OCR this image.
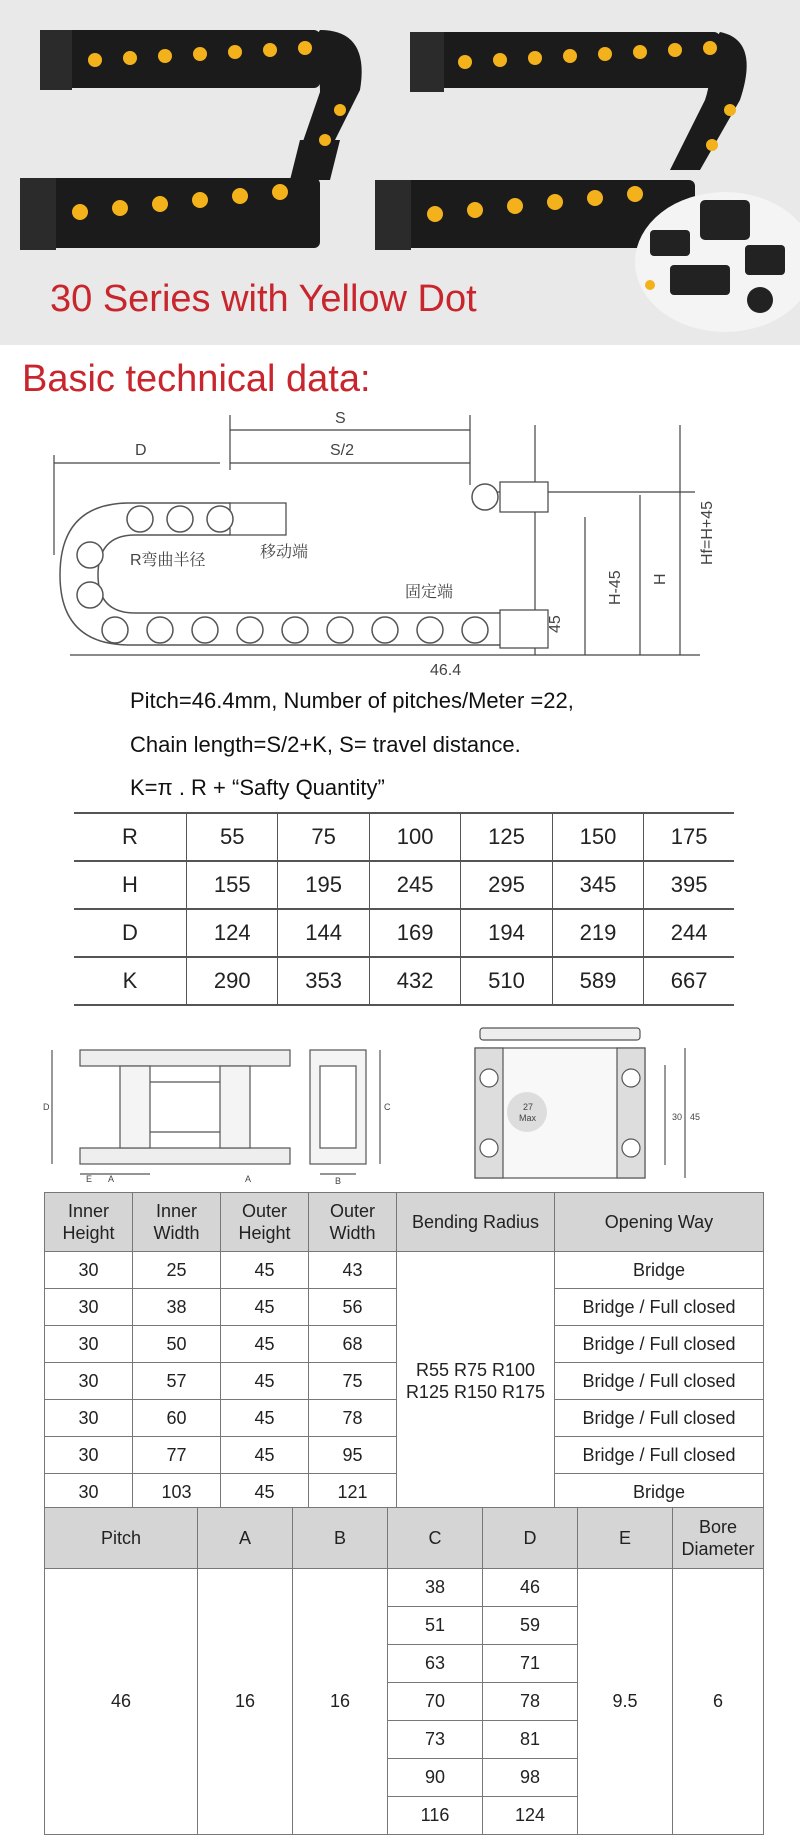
30 Series with Yellow Dot
Basic technical data:
S
S/2
D
移动端
R弯曲半径
固定端
46.4
45
H-45 H
Hf=H+45
Pitch=46.4mm, Number of pitches/Meter =22,
Chain length=S/2+K, S= travel distance.
K=π . R + “Safty Quantity”
R	55	75	100	125	150	175
H	155	195	245	295	345	395
D	124	144	169	194	219	244
K	290	353	432	510	589	667
27
Max
D	C
E A	A	B
30 45
Inner Height	Inner Width	Outer Height	Outer Width	Bending Radius	Opening Way
30	25	45	43	R55 R75 R100 R125 R150 R175	Bridge
30	38	45	56		Bridge / Full closed
30	50	45	68		Bridge / Full closed
30	57	45	75		Bridge / Full closed
30	60	45	78		Bridge / Full closed
30	77	45	95		Bridge / Full closed
30	103	45	121		Bridge
Pitch	A	B	C	D	E	Bore Diameter
46	16	16	38	46	9.5	6
			51	59		
			63	71		
			70	78		
			73	81		
			90	98		
			116	124		
